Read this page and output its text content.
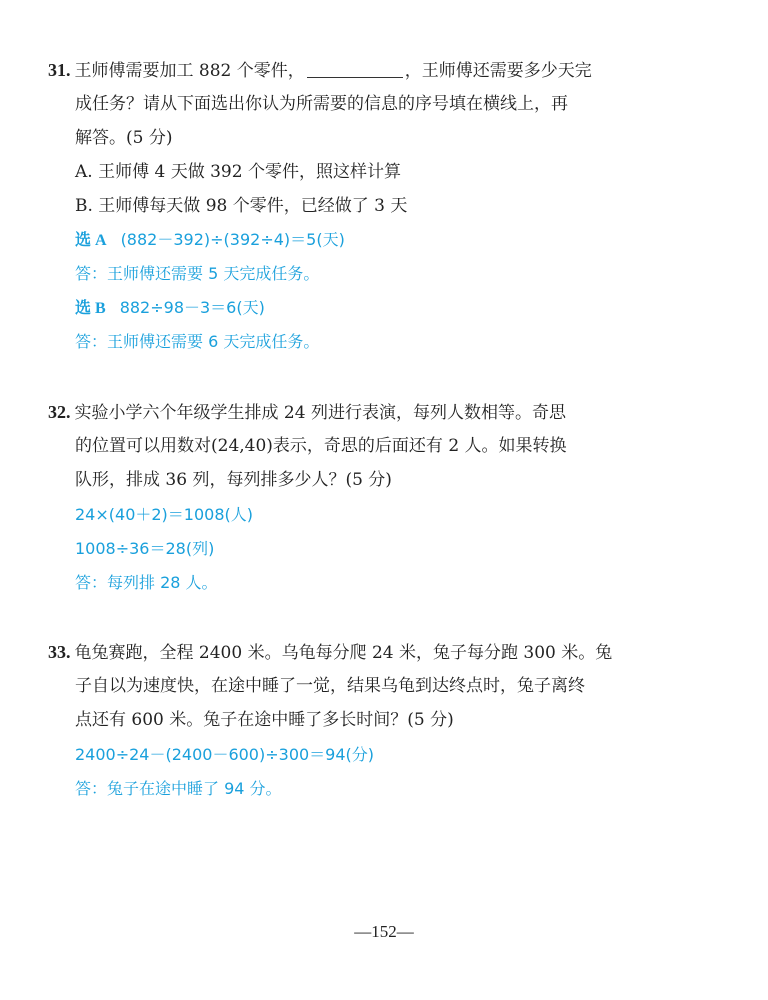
31. 王师傅需要加工 882 个零件，	，王师傅还需要多少天完
成任务？请从下面选出你认为所需要的信息的序号填在横线上，再
解答。(5 分)
A. 王师傅 4 天做 392 个零件，照这样计算
B. 王师傅每天做 98 个零件，已经做了 3 天
选 A (882－392)÷(392÷4)＝5(天)
答：王师傅还需要 5 天完成任务。
选 B 882÷98－3＝6(天)
答：王师傅还需要 6 天完成任务。
32. 实验小学六个年级学生排成 24 列进行表演，每列人数相等。奇思
的位置可以用数对(24,40)表示，奇思的后面还有 2 人。如果转换
队形，排成 36 列，每列排多少人？(5 分)
24×(40＋2)＝1008(人)
1008÷36＝28(列)
答：每列排 28 人。
33. 龟兔赛跑，全程 2400 米。乌龟每分爬 24 米，兔子每分跑 300 米。兔
子自以为速度快，在途中睡了一觉，结果乌龟到达终点时，兔子离终
点还有 600 米。兔子在途中睡了多长时间？(5 分)
2400÷24－(2400－600)÷300＝94(分)
答：兔子在途中睡了 94 分。
—152—
